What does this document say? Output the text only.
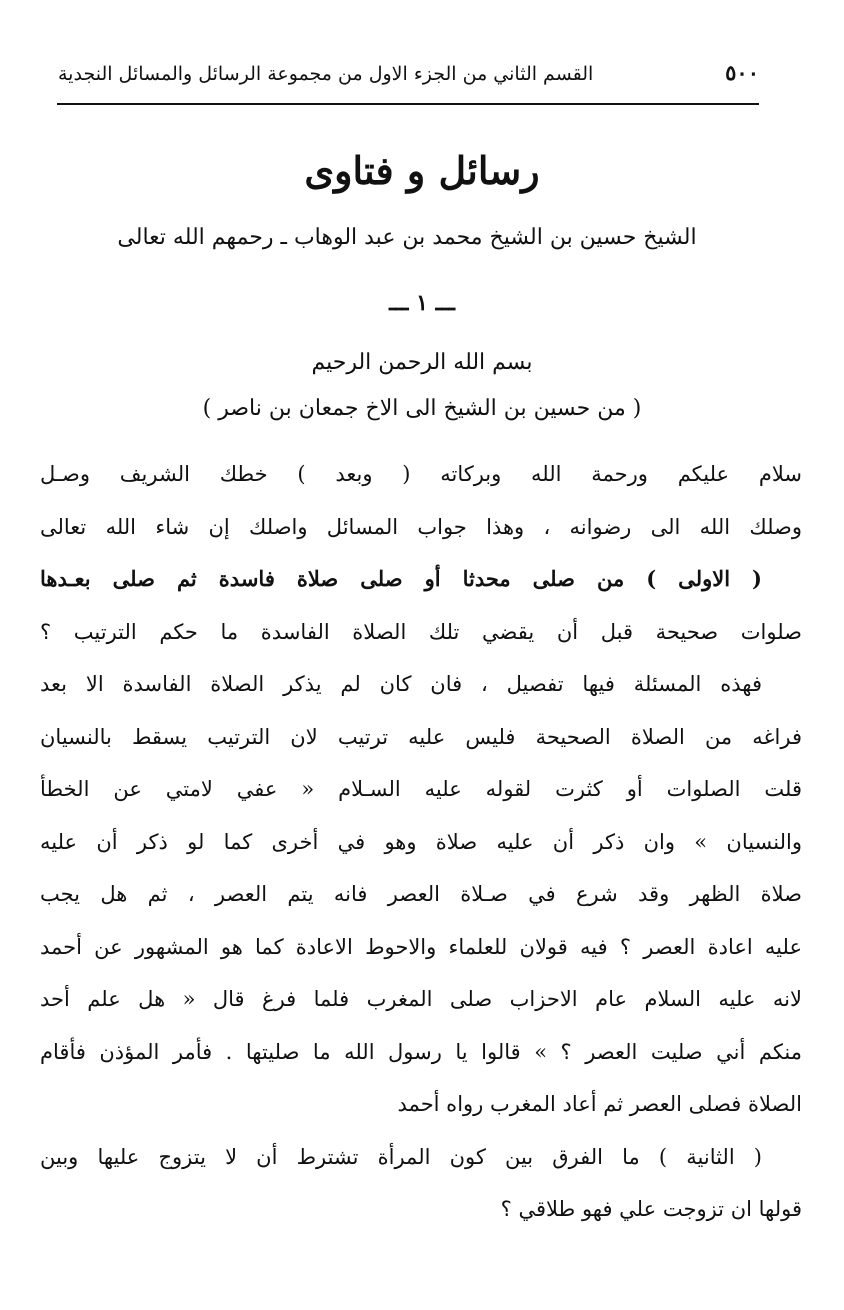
٥٠٠
القسم الثاني من الجزء الاول من مجموعة الرسائل والمسائل النجدية
رسائل و فتاوى
الشيخ حسين بن الشيخ محمد بن عبد الوهاب ـ رحمهم الله تعالى
ـــ ١ ـــ
بسم الله الرحمن الرحيم
( من حسين بن الشيخ الى الاخ جمعان بن ناصر )
سلام عليكم ورحمة الله وبركاته ( وبعد ) خطك الشريف وصـل
وصلك الله الى رضوانه ، وهذا جواب المسائل واصلك إن شاء الله تعالى
( الاولى ) من صلى محدثا أو صلى صلاة فاسدة ثم صلى بعـدها
صلوات صحيحة قبل أن يقضي تلك الصلاة الفاسدة ما حكم الترتيب ؟
فهذه المسئلة فيها تفصيل ، فان كان لم يذكر الصلاة الفاسدة الا بعد
فراغه من الصلاة الصحيحة فليس عليه ترتيب لان الترتيب يسقط بالنسيان
قلت الصلوات أو كثرت لقوله عليه السـلام « عفي لامتي عن الخطأ
والنسيان » وان ذكر أن عليه صلاة وهو في أخرى كما لو ذكر أن عليه
صلاة الظهر وقد شرع في صـلاة العصر فانه يتم العصر ، ثم هل يجب
عليه اعادة العصر ؟ فيه قولان للعلماء والاحوط الاعادة كما هو المشهور عن أحمد
لانه عليه السلام عام الاحزاب صلى المغرب فلما فرغ قال « هل علم أحد
منكم أني صليت العصر ؟ » قالوا يا رسول الله ما صليتها . فأمر المؤذن فأقام
الصلاة فصلى العصر ثم أعاد المغرب رواه أحمد
( الثانية ) ما الفرق بين كون المرأة تشترط أن لا يتزوج عليها وبين
قولها ان تزوجت علي فهو طلاقي ؟
